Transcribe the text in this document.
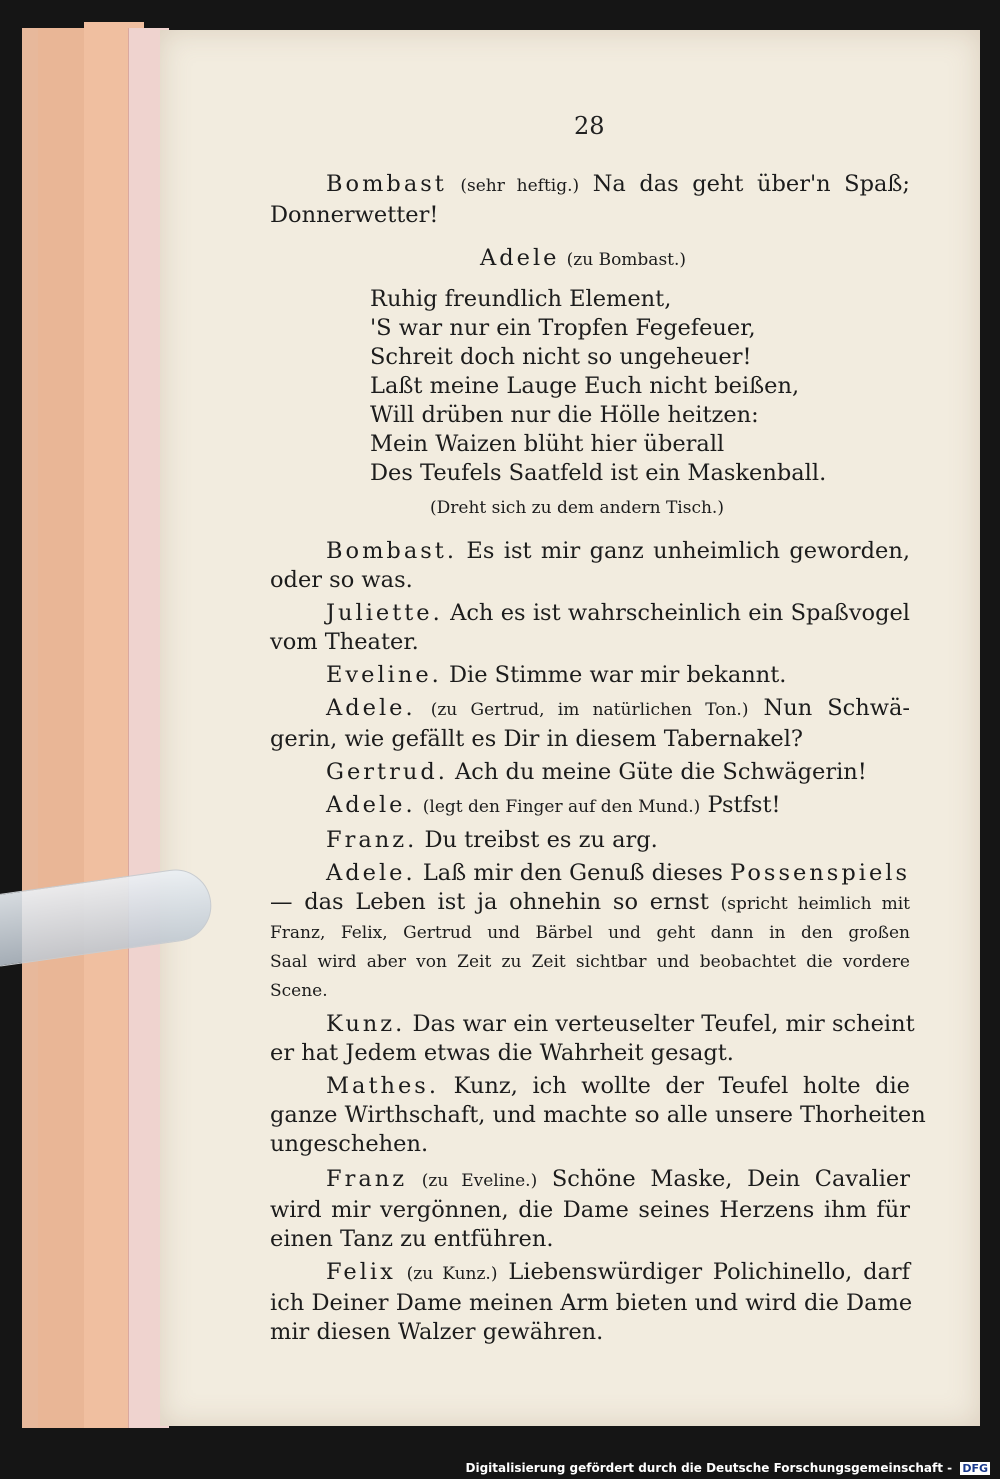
28
Bombast (sehr heftig.) Na das geht über'n Spaß;
Donnerwetter!
Adele (zu Bombast.)
Ruhig freundlich Element,
'S war nur ein Tropfen Fegefeuer,
Schreit doch nicht so ungeheuer!
Laßt meine Lauge Euch nicht beißen,
Will drüben nur die Hölle heitzen:
Mein Waizen blüht hier überall
Des Teufels Saatfeld ist ein Maskenball.
(Dreht sich zu dem andern Tisch.)
Bombast. Es ist mir ganz unheimlich geworden,
oder so was.
Juliette. Ach es ist wahrscheinlich ein Spaßvogel
vom Theater.
Eveline. Die Stimme war mir bekannt.
Adele. (zu Gertrud, im natürlichen Ton.) Nun Schwä-
gerin, wie gefällt es Dir in diesem Tabernakel?
Gertrud. Ach du meine Güte die Schwägerin!
Adele. (legt den Finger auf den Mund.) Pstfst!
Franz. Du treibst es zu arg.
Adele. Laß mir den Genuß dieses Possenspiels
— das Leben ist ja ohnehin so ernst (spricht heimlich mit
Franz, Felix, Gertrud und Bärbel und geht dann in den großen
Saal wird aber von Zeit zu Zeit sichtbar und beobachtet die vordere
Scene.
Kunz. Das war ein verteuselter Teufel, mir scheint
er hat Jedem etwas die Wahrheit gesagt.
Mathes. Kunz, ich wollte der Teufel holte die
ganze Wirthschaft, und machte so alle unsere Thorheiten
ungeschehen.
Franz (zu Eveline.) Schöne Maske, Dein Cavalier
wird mir vergönnen, die Dame seines Herzens ihm für
einen Tanz zu entführen.
Felix (zu Kunz.) Liebenswürdiger Polichinello, darf
ich Deiner Dame meinen Arm bieten und wird die Dame
mir diesen Walzer gewähren.
Digitalisierung gefördert durch die Deutsche Forschungsgemeinschaft - DFG
